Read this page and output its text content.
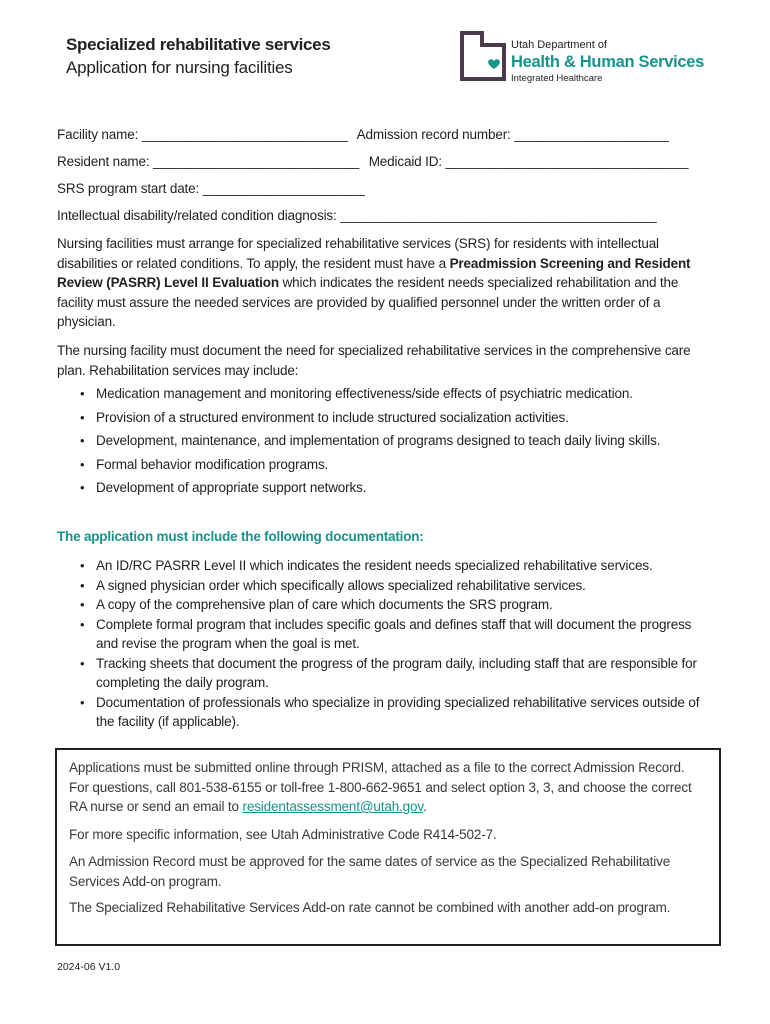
Specialized rehabilitative services
Application for nursing facilities
Utah Department of
Health & Human Services
Integrated Healthcare
Facility name: ____________________________ Admission record number: _____________________
Resident name: ____________________________ Medicaid ID: _________________________________
SRS program start date: ______________________
Intellectual disability/related condition diagnosis: ___________________________________________

Nursing facilities must arrange for specialized rehabilitative services (SRS) for residents with intellectual disabilities or related conditions. To apply, the resident must have a Preadmission Screening and Resident Review (PASRR) Level II Evaluation which indicates the resident needs specialized rehabilitation and the facility must assure the needed services are provided by qualified personnel under the written order of a physician.

The nursing facility must document the need for specialized rehabilitative services in the comprehensive care plan. Rehabilitation services may include:

• Medication management and monitoring effectiveness/side effects of psychiatric medication.
• Provision of a structured environment to include structured socialization activities.
• Development, maintenance, and implementation of programs designed to teach daily living skills.
• Formal behavior modification programs.
• Development of appropriate support networks.
The application must include the following documentation:
• An ID/RC PASRR Level II which indicates the resident needs specialized rehabilitative services.
• A signed physician order which specifically allows specialized rehabilitative services.
• A copy of the comprehensive plan of care which documents the SRS program.
• Complete formal program that includes specific goals and defines staff that will document the progress and revise the program when the goal is met.
• Tracking sheets that document the progress of the program daily, including staff that are responsible for completing the daily program.
• Documentation of professionals who specialize in providing specialized rehabilitative services outside of the facility (if applicable).

Applications must be submitted online through PRISM, attached as a file to the correct Admission Record. For questions, call 801-538-6155 or toll-free 1-800-662-9651 and select option 3, 3, and choose the correct RA nurse or send an email to residentassessment@utah.gov.

For more specific information, see Utah Administrative Code R414-502-7.

An Admission Record must be approved for the same dates of service as the Specialized Rehabilitative Services Add-on program.

The Specialized Rehabilitative Services Add-on rate cannot be combined with another add-on program.

2024-06 V1.0
